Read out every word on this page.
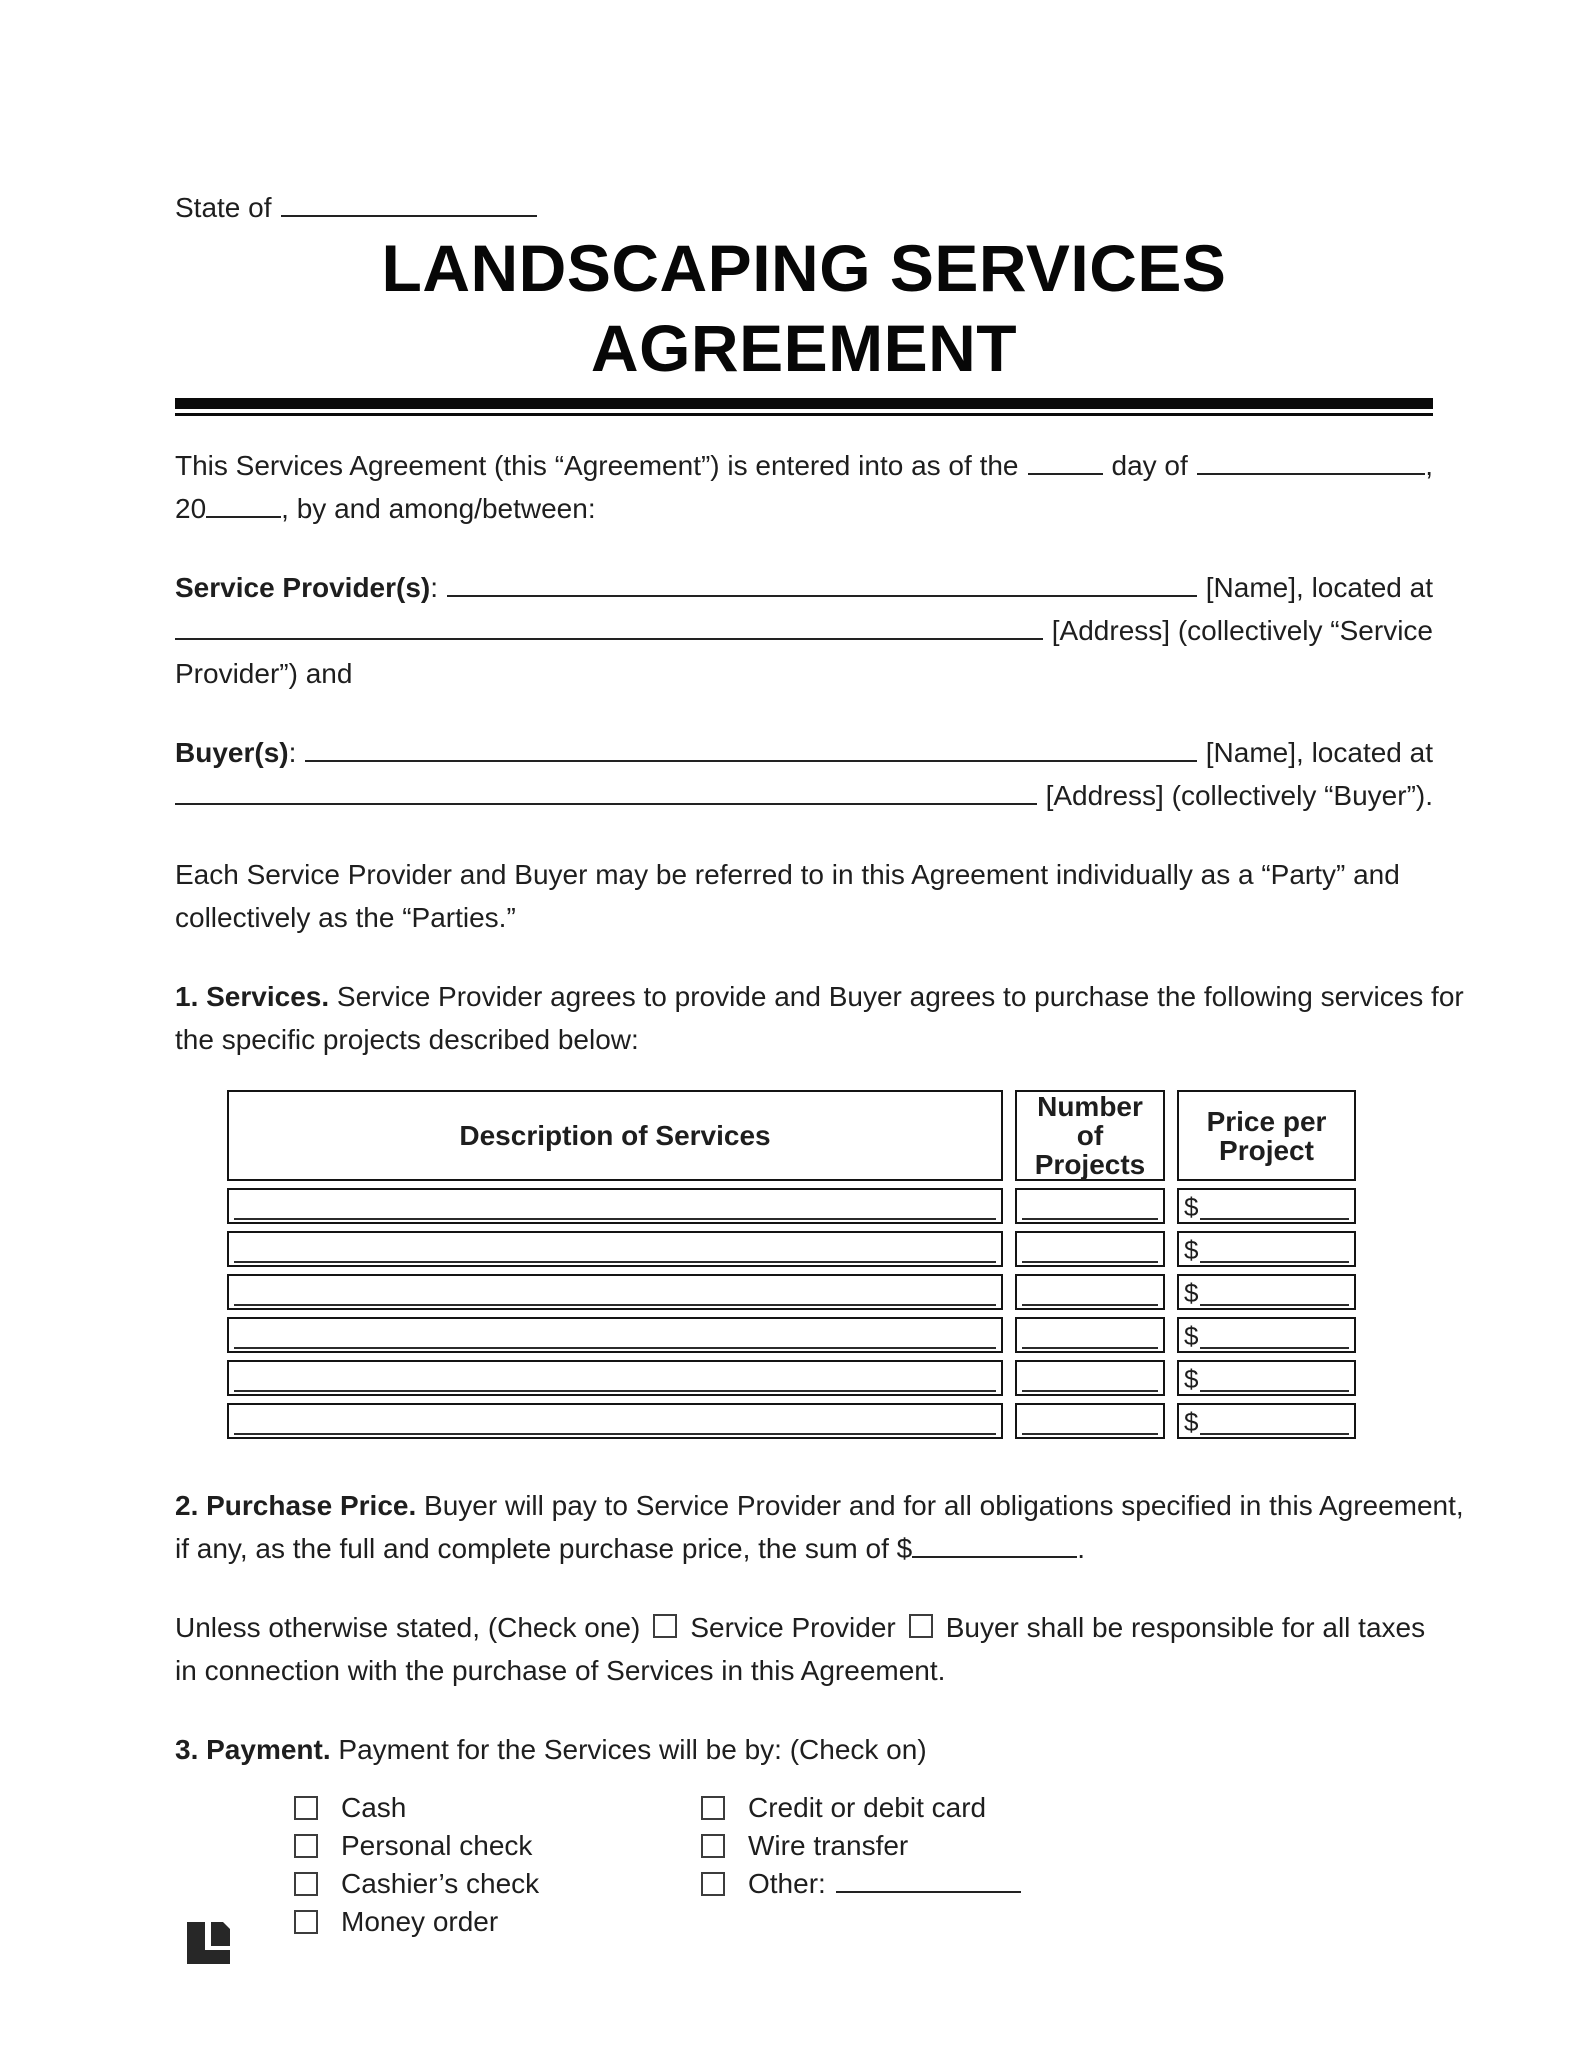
State of
LANDSCAPING SERVICES
AGREEMENT
This Services Agreement (this “Agreement”) is entered into as of the	day of	,
20	, by and among/between:
Service Provider(s) :	[Name], located at
[Address] (collectively “Service
Provider”) and
Buyer(s) :	[Name], located at
[Address] (collectively “Buyer”).
Each Service Provider and Buyer may be referred to in this Agreement individually as a “Party” and
collectively as the “Parties.”
1. Services. Service Provider agrees to provide and Buyer agrees to purchase the following services for
the specific projects described below:
Description of Services	Number of Projects	Price per Project

		$

		$

		$

		$

		$

		$
2. Purchase Price. Buyer will pay to Service Provider and for all obligations specified in this Agreement,
if any, as the full and complete purchase price, the sum of $	.
Unless otherwise stated, (Check one) Service Provider Buyer shall be responsible for all taxes
in connection with the purchase of Services in this Agreement.
3. Payment. Payment for the Services will be by: (Check on)
Cash
Personal check
Cashier’s check
Money order
Credit or debit card
Wire transfer
Other:
